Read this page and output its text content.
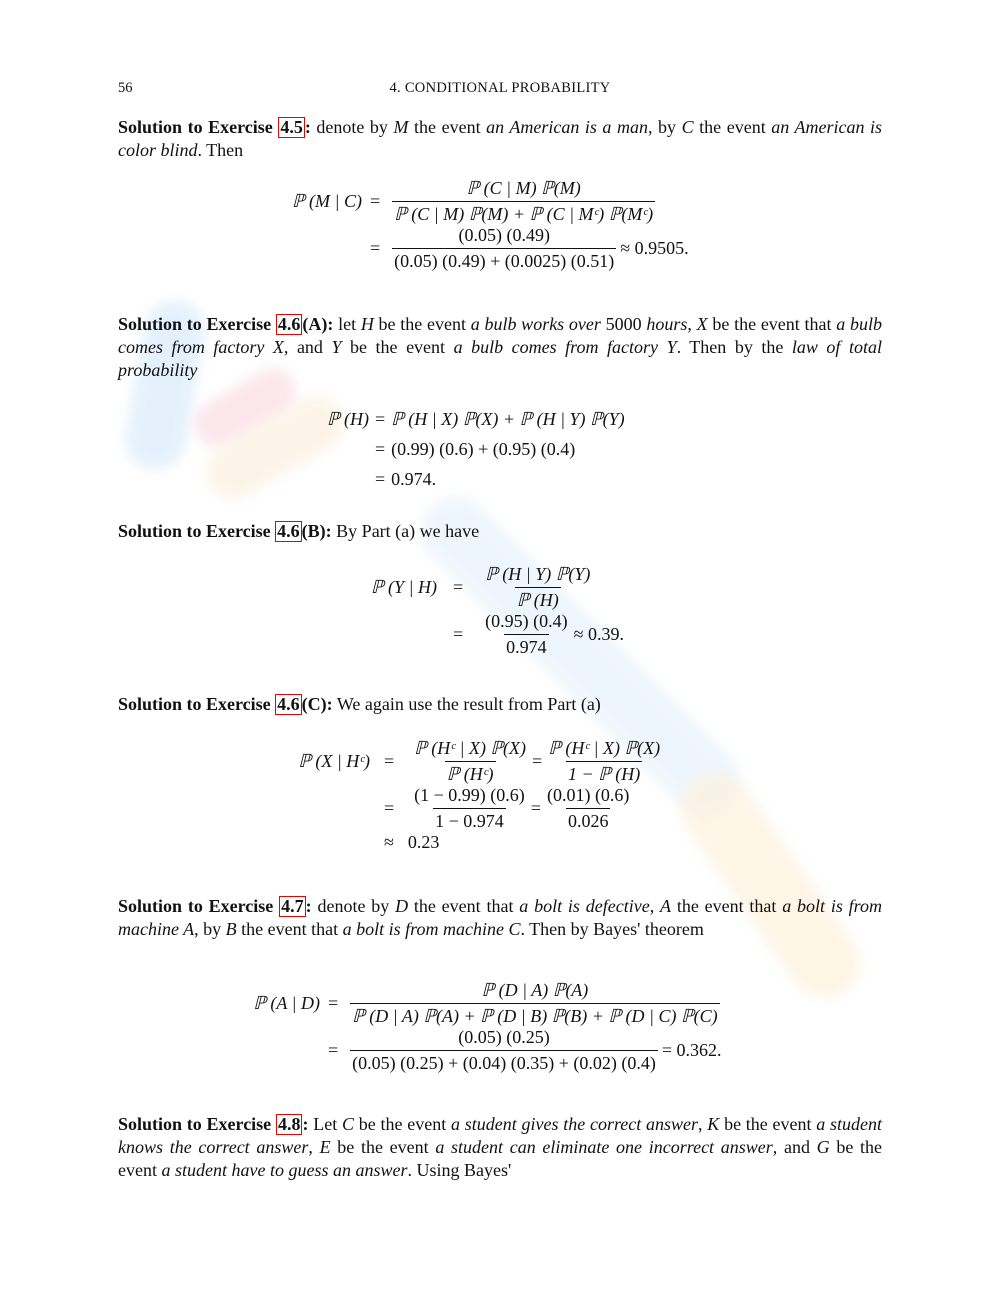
56	4. CONDITIONAL PROBABILITY
Solution to Exercise 4.5 : denote by M the event an American is a man, by C the event an American is color blind. Then
ℙ (M | $C) = \frac{\text{ℙ (C | M) ℙ(M)}}{\text{ℙ (C | M) ℙ(M) + ℙ (C | Mᶜ) ℙ(Mᶜ)}}$
= $\frac{(0.05) (0.49)}{(0.05) (0.49) + (0.0025) (0.51)} \approx 0.9505$.
Solution to Exercise 4.6 (A): let H be the event a bulb works over 5000 hours, X be the event that a bulb comes from factory X, and Y be the event a bulb comes from factory Y. Then by the law of total probability
ℙ (H) = ℙ (H | X) ℙ(X) + ℙ (H | Y) ℙ(Y)
= (0.99) (0.6) + (0.95) (0.4)
= 0.974.
Solution to Exercise 4.6 (B): By Part (a) we have
ℙ (Y | H) =	$\frac{\text{ℙ (H | Y) ℙ(Y)}}{\text{ℙ (H)}}$
=	$\frac{(0.95) (0.4)}{0.974} \approx 0.39$.
Solution to Exercise 4.6 (C): We again use the result from Part (a)
ℙ (X | Hᶜ) =	$\frac{\text{ℙ (Hᶜ | X) ℙ(X)}}{\text{ℙ (Hᶜ)}} = \frac{\text{ℙ (Hᶜ | X) ℙ(X)}}{\text{1 − ℙ (H)}}$
=	$\frac{(1 - 0.99) (0.6)}{1 - 0.974} = \frac{(0.01) (0.6)}{0.026}$
≈ 0.23
Solution to Exercise 4.7 : denote by D the event that a bolt is defective, A the event that a bolt is from machine A, by B the event that a bolt is from machine C. Then by Bayes' theorem
ℙ (A | $D) = \frac{\text{ℙ (D | A) ℙ(A)}}{\text{ℙ (D | A) ℙ(A) + ℙ (D | B) ℙ(B) + ℙ (D | C) ℙ(C)}}$
= $\frac{(0.05) (0.25)}{(0.05) (0.25) + (0.04) (0.35) + (0.02) (0.4)} = 0.362$.
Solution to Exercise 4.8 : Let C be the event a student gives the correct answer, K be the event a student knows the correct answer, E be the event a student can eliminate one incorrect answer, and G be the event a student have to guess an answer. Using Bayes'
